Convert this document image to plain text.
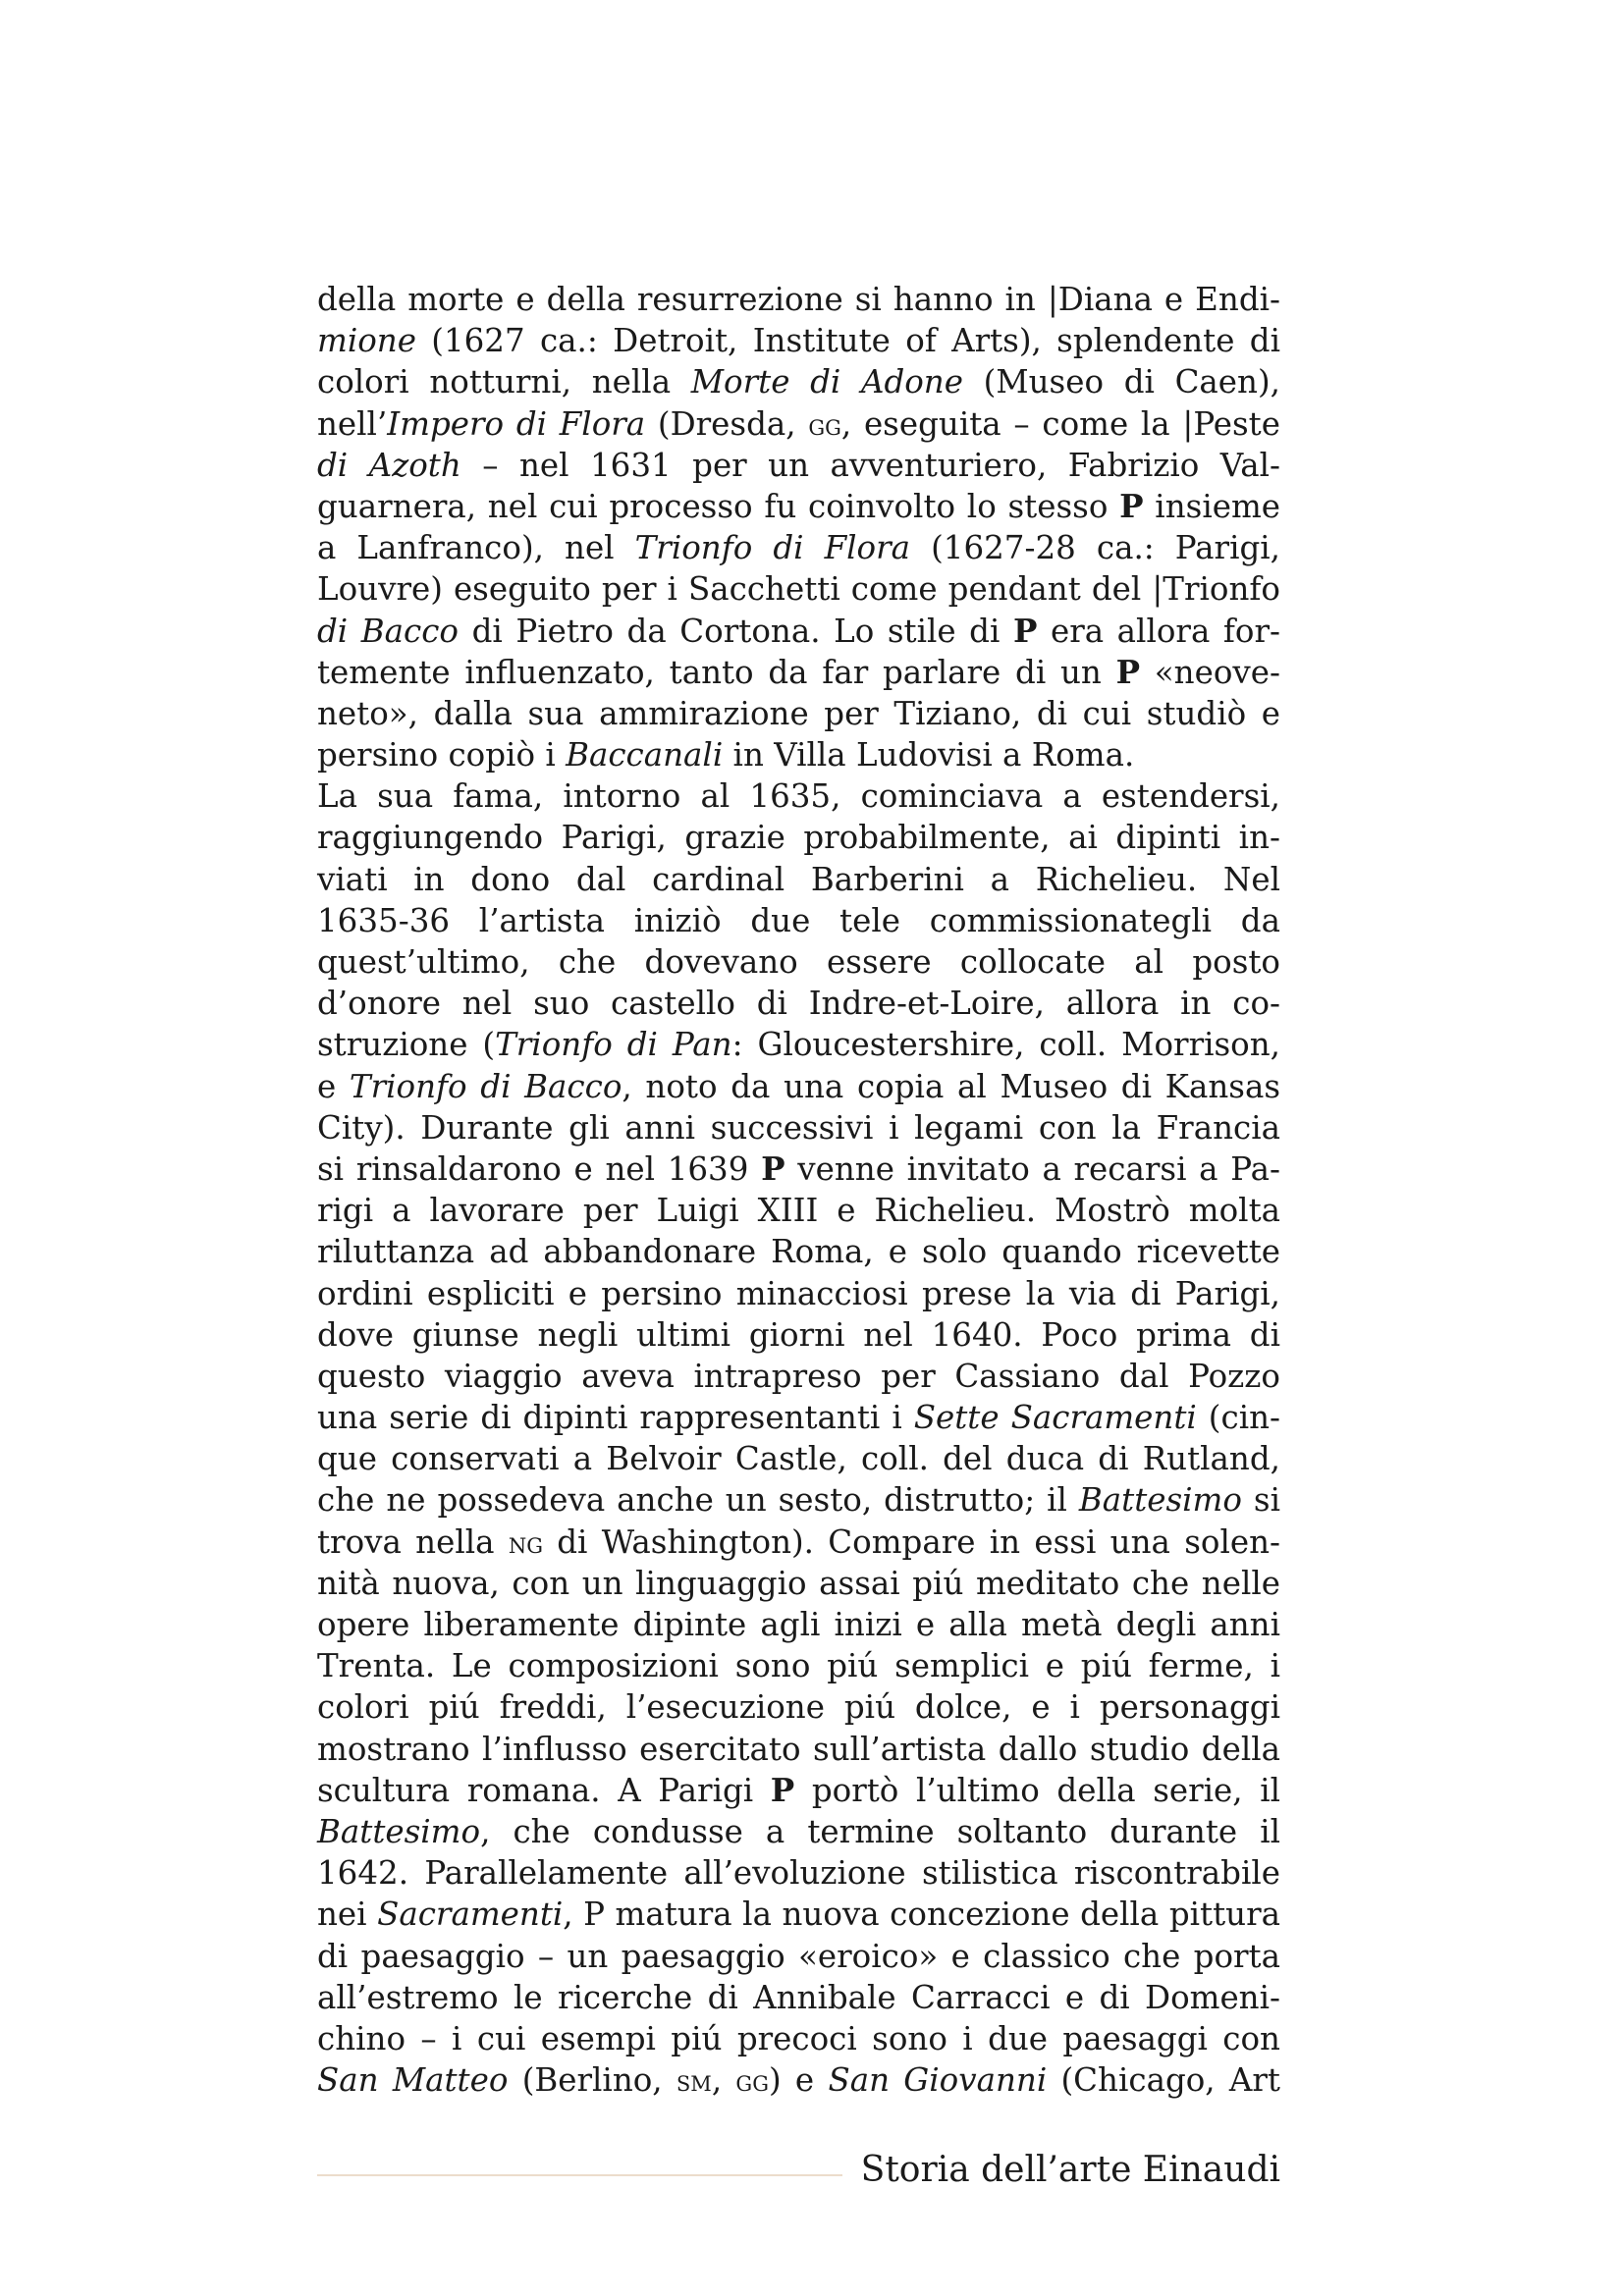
della morte e della resurrezione si hanno in |Diana e Endi-
mione (1627 ca.: Detroit, Institute of Arts), splendente di
colori notturni, nella Morte di Adone (Museo di Caen),
nell’Impero di Flora (Dresda, gg, eseguita – come la |Peste
di Azoth – nel 1631 per un avventuriero, Fabrizio Val-
guarnera, nel cui processo fu coinvolto lo stesso P insieme
a Lanfranco), nel Trionfo di Flora (1627-28 ca.: Parigi,
Louvre) eseguito per i Sacchetti come pendant del |Trionfo
di Bacco di Pietro da Cortona. Lo stile di P era allora for-
temente influenzato, tanto da far parlare di un P «neove-
neto», dalla sua ammirazione per Tiziano, di cui studiò e
persino copiò i Baccanali in Villa Ludovisi a Roma.
La sua fama, intorno al 1635, cominciava a estendersi,
raggiungendo Parigi, grazie probabilmente, ai dipinti in-
viati in dono dal cardinal Barberini a Richelieu. Nel
1635-36 l’artista iniziò due tele commissionategli da
quest’ultimo, che dovevano essere collocate al posto
d’onore nel suo castello di Indre-et-Loire, allora in co-
struzione (Trionfo di Pan: Gloucestershire, coll. Morrison,
e Trionfo di Bacco, noto da una copia al Museo di Kansas
City). Durante gli anni successivi i legami con la Francia
si rinsaldarono e nel 1639 P venne invitato a recarsi a Pa-
rigi a lavorare per Luigi XIII e Richelieu. Mostrò molta
riluttanza ad abbandonare Roma, e solo quando ricevette
ordini espliciti e persino minacciosi prese la via di Parigi,
dove giunse negli ultimi giorni nel 1640. Poco prima di
questo viaggio aveva intrapreso per Cassiano dal Pozzo
una serie di dipinti rappresentanti i Sette Sacramenti (cin-
que conservati a Belvoir Castle, coll. del duca di Rutland,
che ne possedeva anche un sesto, distrutto; il Battesimo si
trova nella ng di Washington). Compare in essi una solen-
nità nuova, con un linguaggio assai piú meditato che nelle
opere liberamente dipinte agli inizi e alla metà degli anni
Trenta. Le composizioni sono piú semplici e piú ferme, i
colori piú freddi, l’esecuzione piú dolce, e i personaggi
mostrano l’influsso esercitato sull’artista dallo studio della
scultura romana. A Parigi P portò l’ultimo della serie, il
Battesimo, che condusse a termine soltanto durante il
1642. Parallelamente all’evoluzione stilistica riscontrabile
nei Sacramenti, P matura la nuova concezione della pittura
di paesaggio – un paesaggio «eroico» e classico che porta
all’estremo le ricerche di Annibale Carracci e di Domeni-
chino – i cui esempi piú precoci sono i due paesaggi con
San Matteo (Berlino, sm, gg) e San Giovanni (Chicago, Art
Storia dell’arte Einaudi
